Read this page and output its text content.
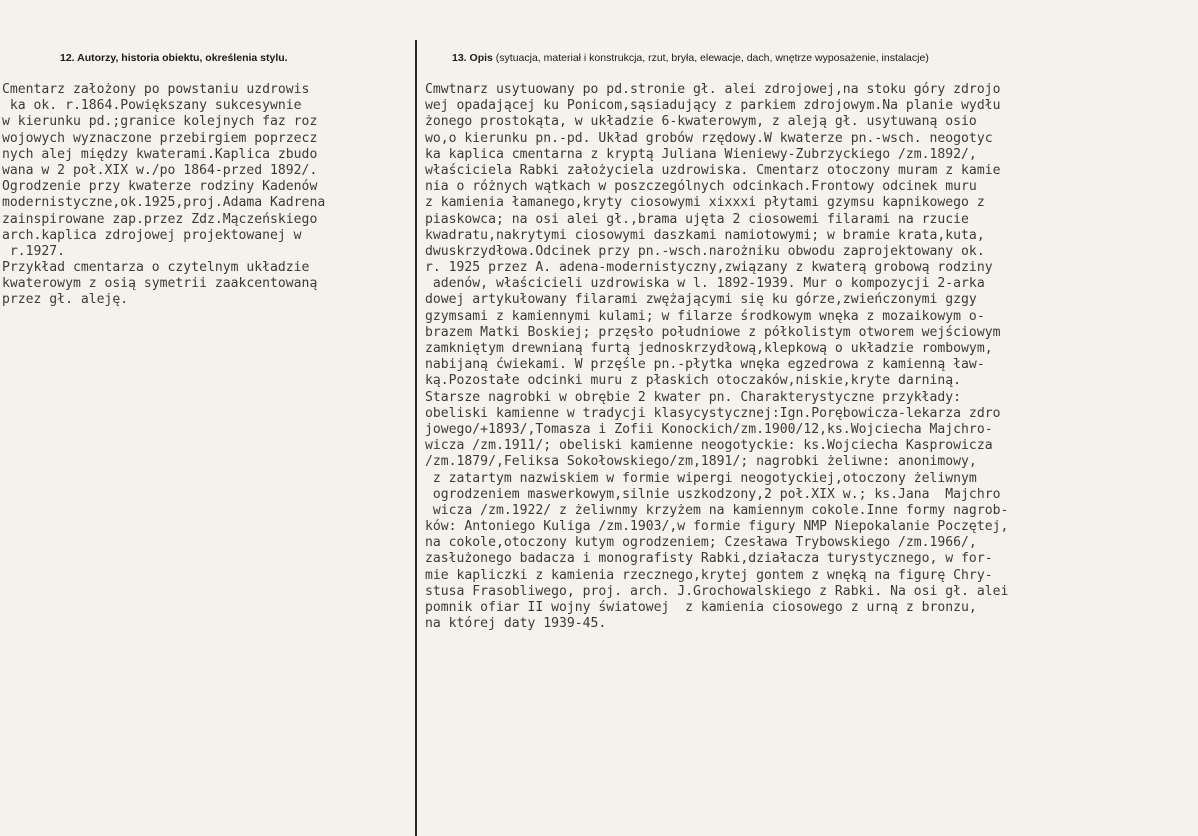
12. Autorzy, historia obiektu, określenia stylu.	13. Opis (sytuacja, materiał i konstrukcja, rzut, bryła, elewacje, dach, wnętrze wyposażenie, instalacje)
Cmentarz założony po powstaniu uzdrowis
ka ok. r.1864.Powiększany sukcesywnie
w kierunku pd.;granice kolejnych faz roz
wojowych wyznaczone przebirgiem poprzecz
nych alej między kwaterami.Kaplica zbudo
wana w 2 poł.XIX w./po 1864-przed 1892/.
Ogrodzenie przy kwaterze rodziny Kadenów
modernistyczne,ok.1925,proj.Adama Kadrena
zainspirowane zap.przez Zdz.Mączeńskiego
arch.kaplica zdrojowej projektowanej w
r.1927.
Przykład cmentarza o czytelnym układzie
kwaterowym z osią symetrii zaakcentowaną
przez gł. aleję.
Cmwtnarz usytuowany po pd.stronie gł. alei zdrojowej,na stoku góry zdrojo
wej opadającej ku Ponicom,sąsiadujący z parkiem zdrojowym.Na planie wydłu
żonego prostokąta, w układzie 6-kwaterowym, z aleją gł. usytuwaną osio
wo,o kierunku pn.-pd. Układ grobów rzędowy.W kwaterze pn.-wsch. neogotyc
ka kaplica cmentarna z kryptą Juliana Wieniewy-Zubrzyckiego /zm.1892/,
właściciela Rabki założyciela uzdrowiska. Cmentarz otoczony muram z kamie
nia o różnych wątkach w poszczególnych odcinkach.Frontowy odcinek muru
z kamienia łamanego,kryty ciosowymi xixxxi płytami gzymsu kapnikowego z
piaskowca; na osi alei gł.,brama ujęta 2 ciosowemi filarami na rzucie
kwadratu,nakrytymi ciosowymi daszkami namiotowymi; w bramie krata,kuta,
dwuskrzydłowa.Odcinek przy pn.-wsch.narożniku obwodu zaprojektowany ok.
r. 1925 przez A. adena-modernistyczny,związany z kwaterą grobową rodziny
adenów, właścicieli uzdrowiska w l. 1892-1939. Mur o kompozycji 2-arka
dowej artykułowany filarami zwężającymi się ku górze,zwieńczonymi gzgy
gzymsami z kamiennymi kulami; w filarze środkowym wnęka z mozaikowym o-
brazem Matki Boskiej; przęsło południowe z półkolistym otworem wejściowym
zamkniętym drewnianą furtą jednoskrzydłową,klepkową o układzie rombowym,
nabijaną ćwiekami. W przęśle pn.-płytka wnęka egzedrowa z kamienną ław-
ką.Pozostałe odcinki muru z płaskich otoczaków,niskie,kryte darniną.
Starsze nagrobki w obrębie 2 kwater pn. Charakterystyczne przykłady:
obeliski kamienne w tradycji klasycystycznej:Ign.Porębowicza-lekarza zdro
jowego/+1893/,Tomasza i Zofii Konockich/zm.1900/12,ks.Wojciecha Majchro-
wicza /zm.1911/; obeliski kamienne neogotyckie: ks.Wojciecha Kasprowicza
/zm.1879/,Feliksa Sokołowskiego/zm,1891/; nagrobki żeliwne: anonimowy,
z zatartym nazwiskiem w formie wipergi neogotyckiej,otoczony żeliwnym
ogrodzeniem maswerkowym,silnie uszkodzony,2 poł.XIX w.; ks.Jana  Majchro
wicza /zm.1922/ z żeliwnmy krzyżem na kamiennym cokole.Inne formy nagrob-
ków: Antoniego Kuliga /zm.1903/,w formie figury NMP Niepokalanie Poczętej,
na cokole,otoczony kutym ogrodzeniem; Czesława Trybowskiego /zm.1966/,
zasłużonego badacza i monografisty Rabki,działacza turystycznego, w for-
mie kapliczki z kamienia rzecznego,krytej gontem z wnęką na figurę Chry-
stusa Frasobliwego, proj. arch. J.Grochowalskiego z Rabki. Na osi gł. alei
pomnik ofiar II wojny światowej  z kamienia ciosowego z urną z bronzu,
na której daty 1939-45.
